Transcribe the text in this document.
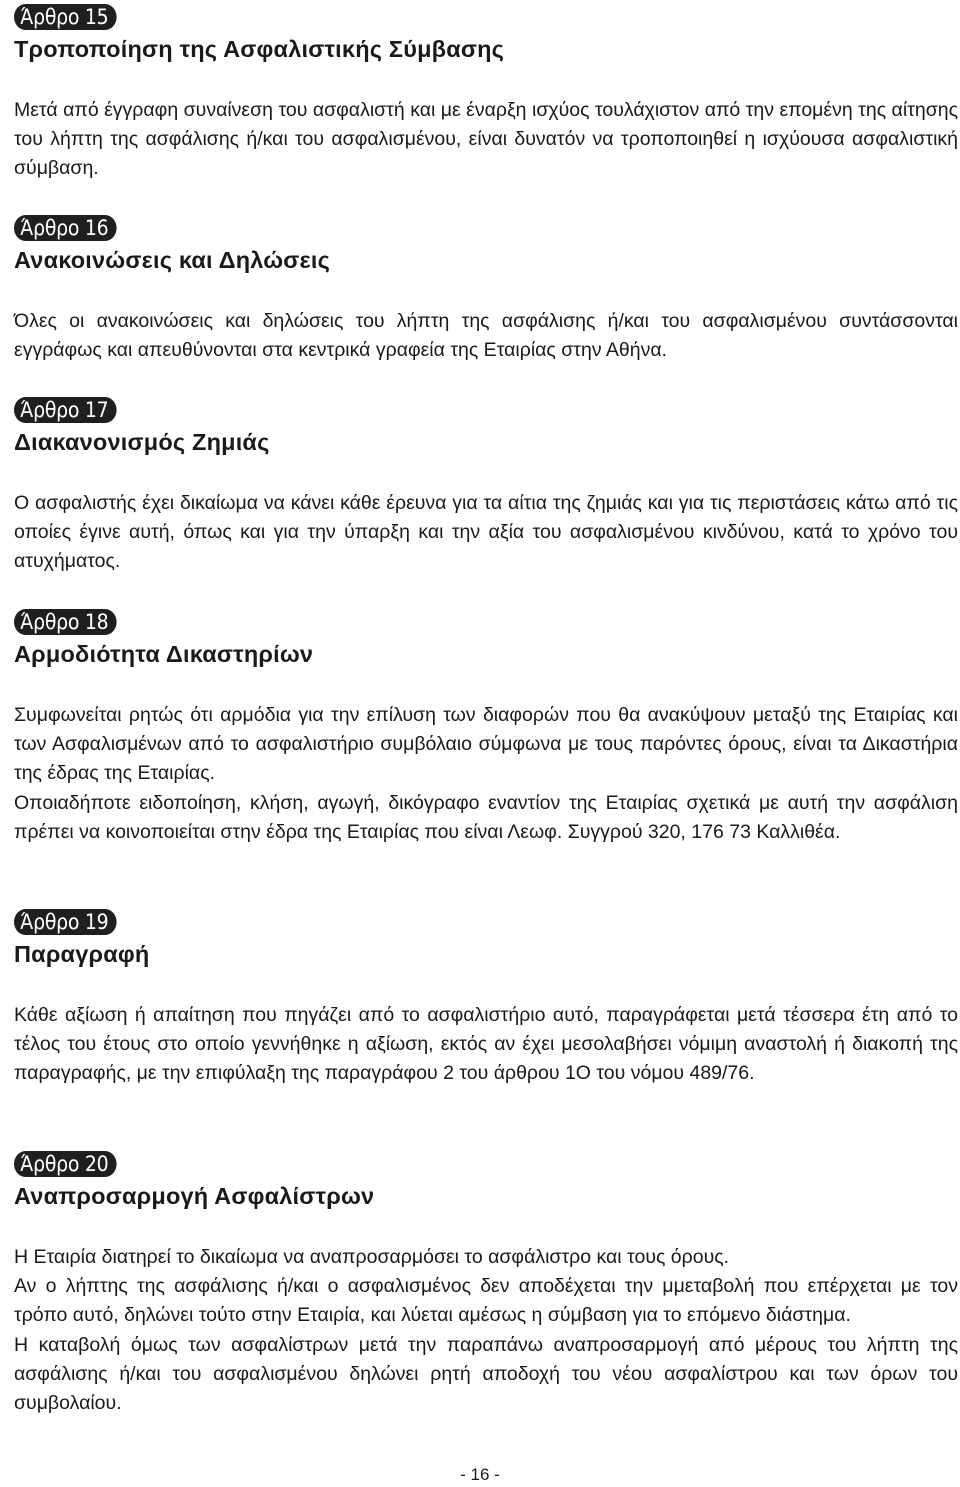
Άρθρο 15
Τροποποίηση της Ασφαλιστικής Σύμβασης

Μετά από έγγραφη συναίνεση του ασφαλιστή και με έναρξη ισχύος τουλάχιστον από την επομένη της αίτησης του λήπτη της ασφάλισης ή/και του ασφαλισμένου, είναι δυνατόν να τροποποιηθεί η ισχύουσα ασφαλιστική σύμβαση.

Άρθρο 16
Ανακοινώσεις και Δηλώσεις

Όλες οι ανακοινώσεις και δηλώσεις του λήπτη της ασφάλισης ή/και του ασφαλισμένου συντάσσονται εγγράφως και απευθύνονται στα κεντρικά γραφεία της Εταιρίας στην Αθήνα.

Άρθρο 17
Διακανονισμός Ζημιάς

Ο ασφαλιστής έχει δικαίωμα να κάνει κάθε έρευνα για τα αίτια της ζημιάς και για τις περιστάσεις κάτω από τις οποίες έγινε αυτή, όπως και για την ύπαρξη και την αξία του ασφαλισμένου κινδύνου, κατά το χρόνο του ατυχήματος.

Άρθρο 18
Αρμοδιότητα Δικαστηρίων

Συμφωνείται ρητώς ότι αρμόδια για την επίλυση των διαφορών που θα ανακύψουν μεταξύ της Εταιρίας και των Ασφαλισμένων από το ασφαλιστήριο συμβόλαιο σύμφωνα με τους παρόντες όρους, είναι τα Δικαστήρια της έδρας της Εταιρίας.

Οποιαδήποτε ειδοποίηση, κλήση, αγωγή, δικόγραφο εναντίον της Εταιρίας σχετικά με αυτή την ασφάλιση πρέπει να κοινοποιείται στην έδρα της Εταιρίας που είναι Λεωφ. Συγγρού 320, 176 73 Καλλιθέα.

Άρθρο 19
Παραγραφή

Κάθε αξίωση ή απαίτηση που πηγάζει από το ασφαλιστήριο αυτό, παραγράφεται μετά τέσσερα έτη από το τέλος του έτους στο οποίο γεννήθηκε η αξίωση, εκτός αν έχει μεσολαβήσει νόμιμη αναστολή ή διακοπή της παραγραφής, με την επιφύλαξη της παραγράφου 2 του άρθρου 1Ο του νόμου 489/76.

Άρθρο 20
Αναπροσαρμογή Ασφαλίστρων

Η Εταιρία διατηρεί το δικαίωμα να αναπροσαρμόσει το ασφάλιστρο και τους όρους.

Αν ο λήπτης της ασφάλισης ή/και ο ασφαλισμένος δεν αποδέχεται την μμεταβολή που επέρχεται με τον τρόπο αυτό, δηλώνει τούτο στην Εταιρία, και λύεται αμέσως η σύμβαση για το επόμενο διάστημα.

Η καταβολή όμως των ασφαλίστρων μετά την παραπάνω αναπροσαρμογή από μέρους του λήπτη της ασφάλισης ή/και του ασφαλισμένου δηλώνει ρητή αποδοχή του νέου ασφαλίστρου και των όρων του συμβολαίου.

- 16 -
